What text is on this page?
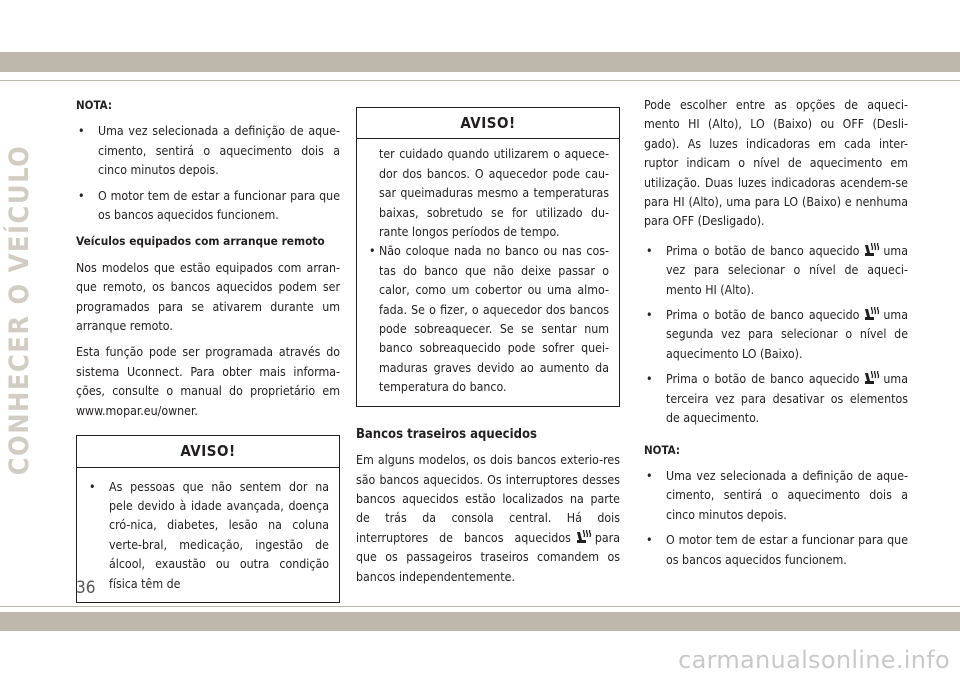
CONHECER O VEÍCULO
NOTA:
• Uma vez selecionada a definição de aque-cimento, sentirá o aquecimento dois a cinco minutos depois.
• O motor tem de estar a funcionar para que os bancos aquecidos funcionem.
Veículos equipados com arranque remoto

Nos modelos que estão equipados com arran-que remoto, os bancos aquecidos podem ser programados para se ativarem durante um arranque remoto.

Esta função pode ser programada através do sistema Uconnect. Para obter mais informa-ções, consulte o manual do proprietário em www.mopar.eu/owner.

AVISO!
• As pessoas que não sentem dor na pele devido à idade avançada, doença cró-nica, diabetes, lesão na coluna verte-bral, medicação, ingestão de álcool, exaustão ou outra condição física têm de
AVISO!

ter cuidado quando utilizarem o aquece-dor dos bancos. O aquecedor pode cau-sar queimaduras mesmo a temperaturas baixas, sobretudo se for utilizado du-rante longos períodos de tempo.

• Não coloque nada no banco ou nas cos-tas do banco que não deixe passar o calor, como um cobertor ou uma almo-fada. Se o fizer, o aquecedor dos bancos pode sobreaquecer. Se se sentar num banco sobreaquecido pode sofrer quei-maduras graves devido ao aumento da temperatura do banco.
Bancos traseiros aquecidos

Em alguns modelos, os dois bancos exterio-res são bancos aquecidos. Os interruptores desses bancos aquecidos estão localizados na parte de trás da consola central. Há dois interruptores de bancos aquecidos para que os passageiros traseiros comandem os bancos independentemente.

Pode escolher entre as opções de aqueci-mento HI (Alto), LO (Baixo) ou OFF (Desli-gado). As luzes indicadoras em cada inter-ruptor indicam o nível de aquecimento em utilização. Duas luzes indicadoras acendem-se para HI (Alto), uma para LO (Baixo) e nenhuma para OFF (Desligado).

• Prima o botão de banco aquecido uma vez para selecionar o nível de aqueci-mento HI (Alto).
• Prima o botão de banco aquecido uma segunda vez para selecionar o nível de aquecimento LO (Baixo).
• Prima o botão de banco aquecido uma terceira vez para desativar os elementos de aquecimento.
NOTA:
• Uma vez selecionada a definição de aque-cimento, sentirá o aquecimento dois a cinco minutos depois.
• O motor tem de estar a funcionar para que os bancos aquecidos funcionem.
36
carmanualsonline.info
